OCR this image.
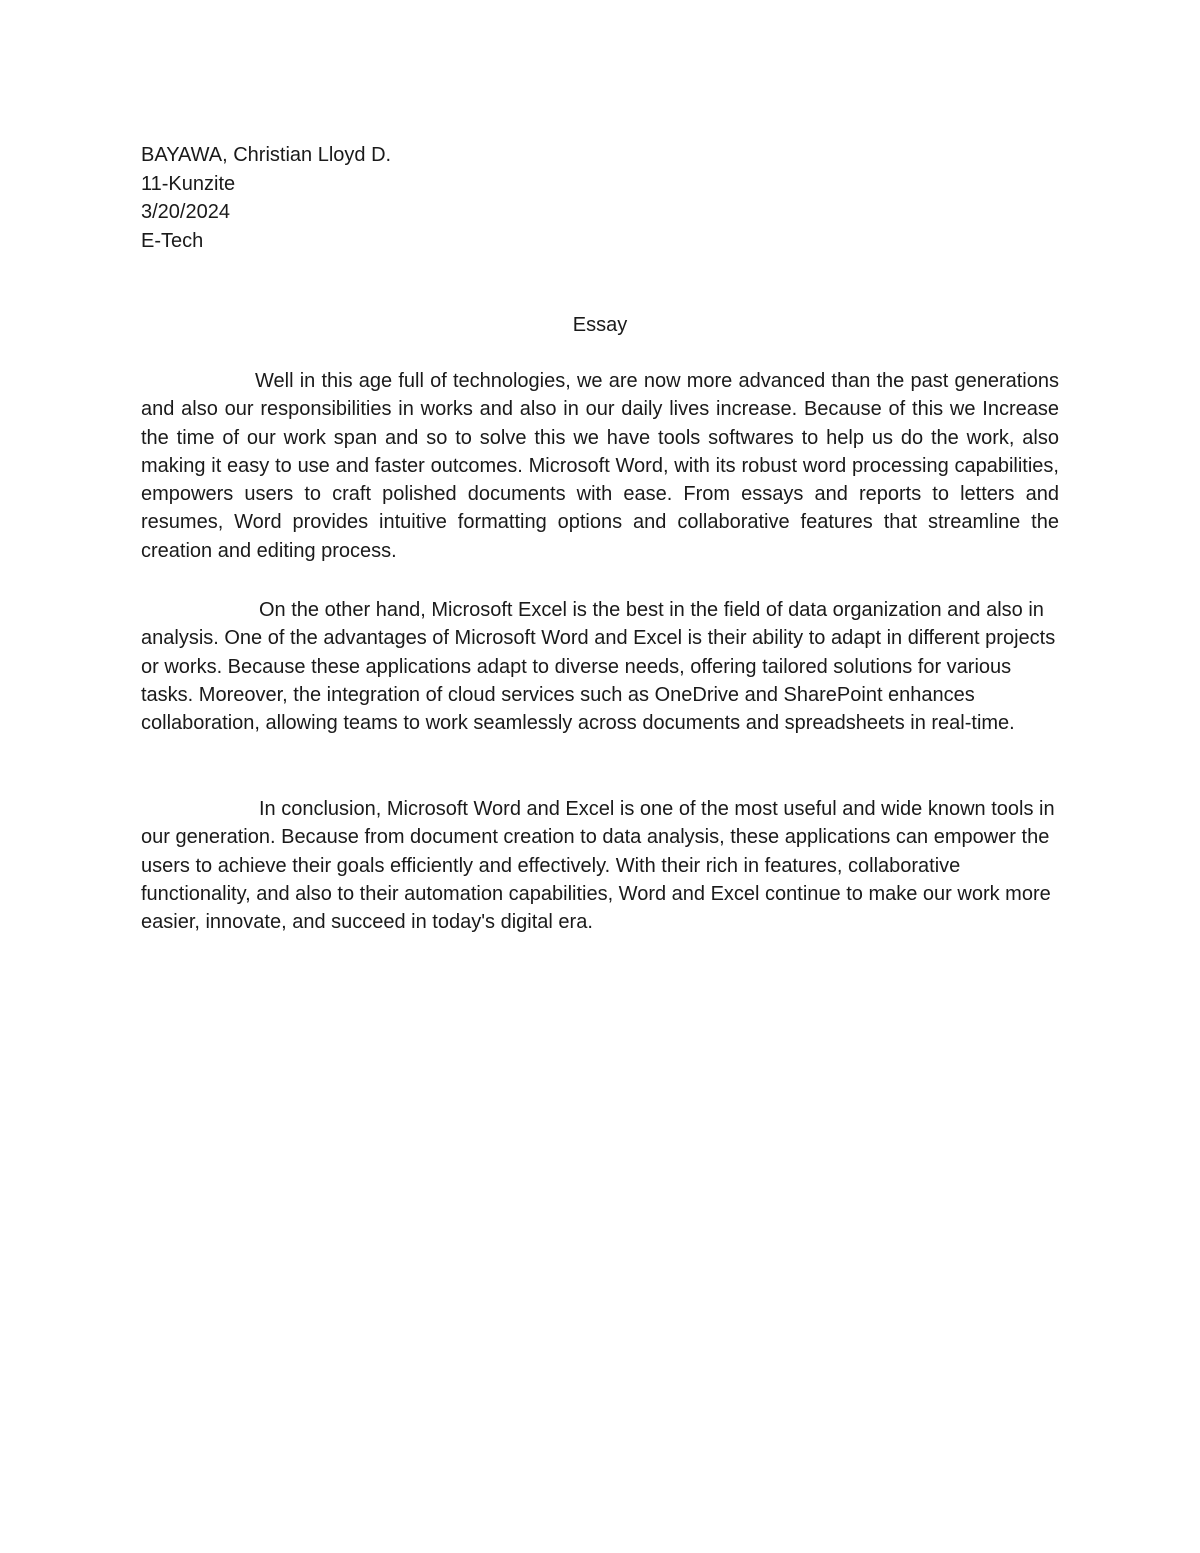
BAYAWA, Christian Lloyd D.
11-Kunzite
3/20/2024
E-Tech
Essay

Well in this age full of technologies, we are now more advanced than the past generations and also our responsibilities in works and also in our daily lives increase. Because of this we Increase the time of our work span and so to solve this we have tools softwares to help us do the work, also making it easy to use and faster outcomes. Microsoft Word, with its robust word processing capabilities, empowers users to craft polished documents with ease. From essays and reports to letters and resumes, Word provides intuitive formatting options and collaborative features that streamline the creation and editing process.

On the other hand, Microsoft Excel is the best in the field of data organization and also in analysis. One of the advantages of Microsoft Word and Excel is their ability to adapt in different projects or works. Because these applications adapt to diverse needs, offering tailored solutions for various tasks. Moreover, the integration of cloud services such as OneDrive and SharePoint enhances collaboration, allowing teams to work seamlessly across documents and spreadsheets in real-time.

In conclusion, Microsoft Word and Excel is one of the most useful and wide known tools in our generation. Because from document creation to data analysis, these applications can empower the users to achieve their goals efficiently and effectively. With their rich in features, collaborative functionality, and also to their automation capabilities, Word and Excel continue to make our work more easier, innovate, and succeed in today's digital era.
